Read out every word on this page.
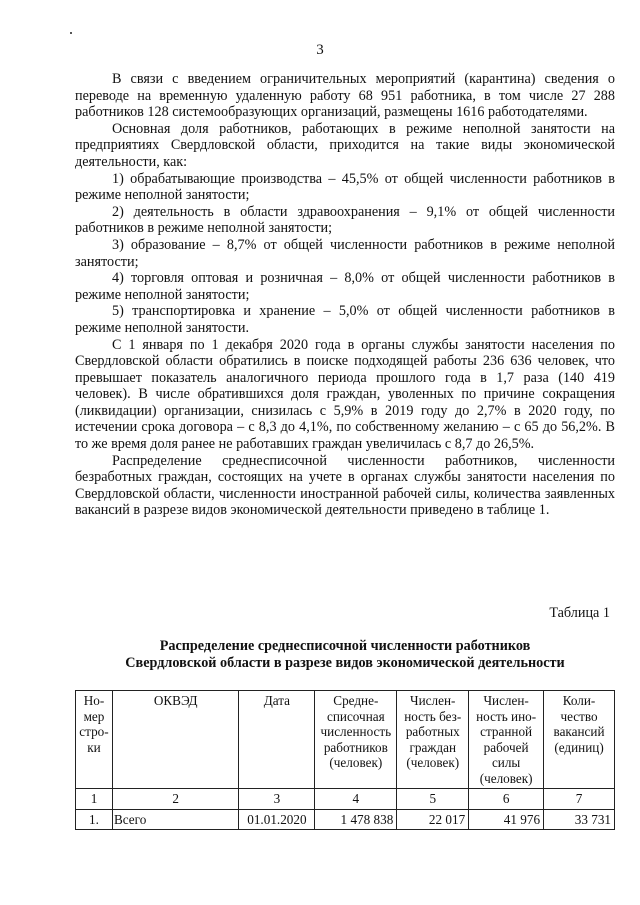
3

В связи с введением ограничительных мероприятий (карантина) сведения о переводе на временную удаленную работу 68 951 работника, в том числе 27 288 работников 128 системообразующих организаций, размещены 1616 работодателями.

Основная доля работников, работающих в режиме неполной занятости на предприятиях Свердловской области, приходится на такие виды экономической деятельности, как:

1) обрабатывающие производства – 45,5% от общей численности работников в режиме неполной занятости;

2) деятельность в области здравоохранения – 9,1% от общей численности работников в режиме неполной занятости;

3) образование – 8,7% от общей численности работников в режиме неполной занятости;

4) торговля оптовая и розничная – 8,0% от общей численности работников в режиме неполной занятости;

5) транспортировка и хранение – 5,0% от общей численности работников в режиме неполной занятости.

С 1 января по 1 декабря 2020 года в органы службы занятости населения по Свердловской области обратились в поиске подходящей работы 236 636 человек, что превышает показатель аналогичного периода прошлого года в 1,7 раза (140 419 человек). В числе обратившихся доля граждан, уволенных по причине сокращения (ликвидации) организации, снизилась с 5,9% в 2019 году до 2,7% в 2020 году, по истечении срока договора – с 8,3 до 4,1%, по собственному желанию – с 65 до 56,2%. В то же время доля ранее не работавших граждан увеличилась с 8,7 до 26,5%.

Распределение среднесписочной численности работников, численности безработных граждан, состоящих на учете в органах службы занятости населения по Свердловской области, численности иностранной рабочей силы, количества заявленных вакансий в разрезе видов экономической деятельности приведено в таблице 1.

Таблица 1
Распределение среднесписочной численности работников
Свердловской области в разрезе видов экономической деятельности
Но-мер стро-ки	ОКВЭД	Дата	Средне-списочная численность работников (человек)	Числен-ность без-работных граждан (человек)	Числен-ность ино-странной рабочей силы (человек)	Коли-чество вакансий (единиц)
1	2	3	4	5	6	7
1.	Всего	01.01.2020	1 478 838	22 017	41 976	33 731
